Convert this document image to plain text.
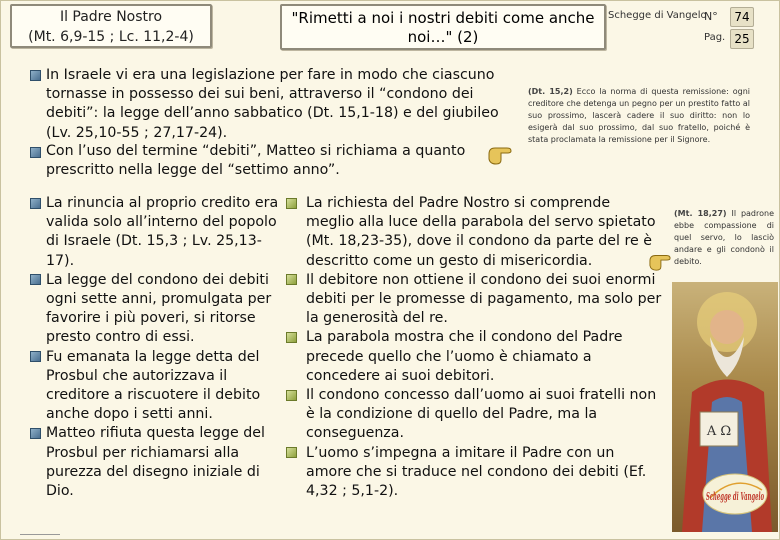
Il Padre Nostro
(Mt. 6,9-15 ; Lc. 11,2-4)
"Rimetti a noi i nostri debiti come anche noi…" (2)
Schegge di Vangelo
N°	74
Pag. 25
In Israele vi era una legislazione per fare in modo che ciascuno tornasse in possesso dei sui beni, attraverso il “condono dei debiti”: la legge dell’anno sabbatico (Dt. 15,1-18) e del giubileo (Lv. 25,10-55 ; 27,17-24).
Con l’uso del termine “debiti”, Matteo si richiama a quanto prescritto nella legge del “settimo anno”.
(Dt. 15,2) Ecco la norma di questa remissione: ogni creditore che detenga un pegno per un prestito fatto al suo prossimo, lascerà cadere il suo diritto: non lo esigerà dal suo prossimo, dal suo fratello, poiché è stata proclamata la remissione per il Signore.
La rinuncia al proprio credito era valida solo all’interno del popolo di Israele (Dt. 15,3 ; Lv. 25,13-17).
La legge del condono dei debiti ogni sette anni, promulgata per favorire i più poveri, si ritorse presto contro di essi.
Fu emanata la legge detta del Prosbul che autorizzava il creditore a riscuotere il debito anche dopo i setti anni.
Matteo rifiuta questa legge del Prosbul per richiamarsi alla purezza del disegno iniziale di Dio.
La richiesta del Padre Nostro si comprende meglio alla luce della parabola del servo spietato (Mt. 18,23-35), dove il condono da parte del re è descritto come un gesto di misericordia.
Il debitore non ottiene il condono dei suoi enormi debiti per le promesse di pagamento, ma solo per la generosità del re.
La parabola mostra che il condono del Padre precede quello che l’uomo è chiamato a concedere ai suoi debitori.
Il condono concesso dall’uomo ai suoi fratelli non è la condizione di quello del Padre, ma la conseguenza.
L’uomo s’impegna a imitare il Padre con un amore che si traduce nel condono dei debiti (Ef. 4,32 ; 5,1-2).
(Mt. 18,27) Il padrone ebbe compassione di quel servo, lo lasciò andare e gli condonò il debito.
A Ω
Schegge di Vangelo
